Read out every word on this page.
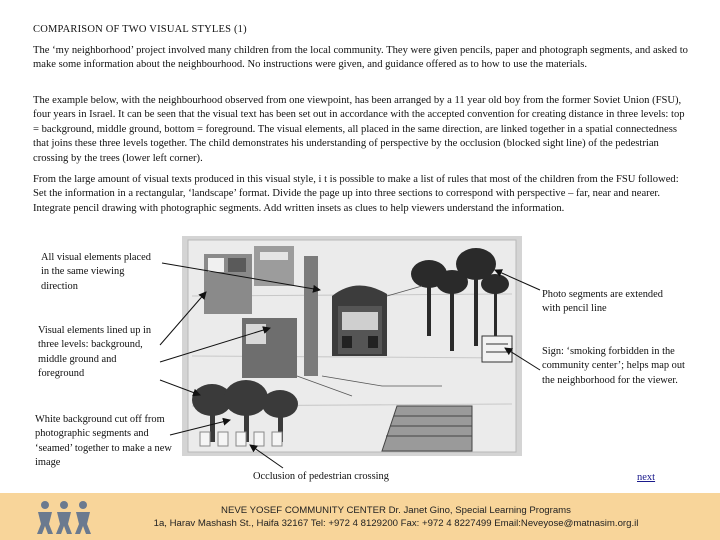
COMPARISON OF TWO VISUAL STYLES (1)

The ‘my neighborhood’ project involved many children from the local community. They were given pencils, paper and photograph segments, and asked to make some information about the neighbourhood. No instructions were given, and guidance offered as to how to use the materials.

The example below, with the neighbourhood observed from one viewpoint, has been arranged by a 11 year old boy from the former Soviet Union (FSU), four years in Israel. It can be seen that the visual text has been set out in accordance with the accepted convention for creating distance in three levels: top = background, middle ground, bottom = foreground. The visual elements, all placed in the same direction, are linked together in a spatial connectedness that joins these three levels together. The child demonstrates his understanding of perspective by the occlusion (blocked sight line) of the pedestrian crossing by the trees (lower left corner).

From the large amount of visual texts produced in this visual style, i t is possible to make a list of rules that most of the children from the FSU followed: Set the information in a rectangular, ‘landscape’ format. Divide the page up into three sections to correspond with perspective – far, near and nearer. Integrate pencil drawing with photographic segments. Add written insets as clues to help viewers understand the information.

All visual elements placed in the same viewing direction
Visual elements lined up in three levels: background, middle ground and foreground
White background cut off from photographic segments and ‘seamed’ together to make a new image
Photo segments are extended with pencil line
Sign: ‘smoking forbidden in the community center’; helps map out the neighborhood for the viewer.
Occlusion of pedestrian crossing	next
NEVE YOSEF COMMUNITY CENTER Dr. Janet Gino, Special Learning Programs
1a, Harav Mashash St., Haifa 32167 Tel: +972 4 8129200 Fax: +972 4 8227499 Email:Neveyose@matnasim.org.il
